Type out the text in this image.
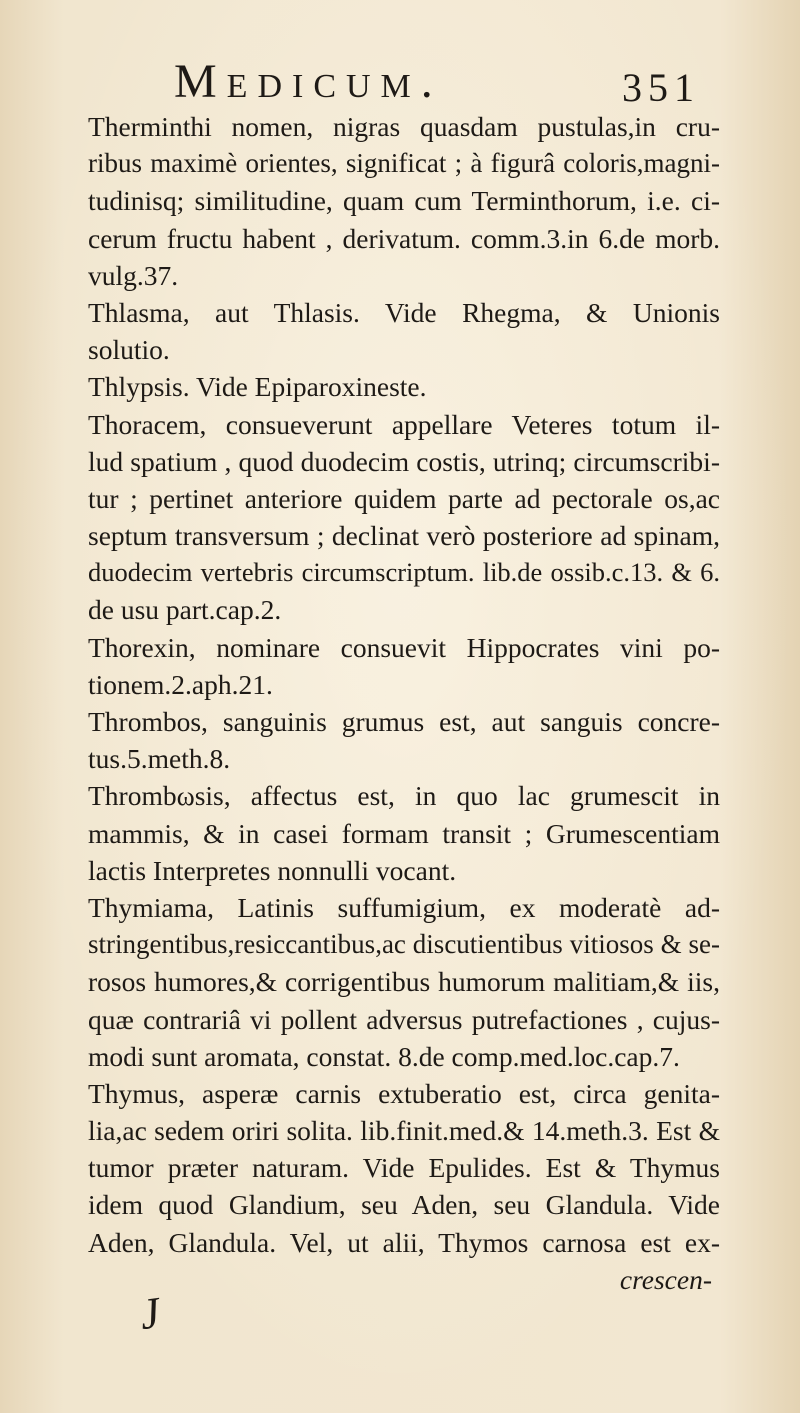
Medicum.	351
Therminthi nomen, nigras quasdam pustulas,in cru-
ribus maximè orientes, significat ; à figurâ coloris,magni-
tudinisq; similitudine, quam cum Terminthorum, i.e. ci-
cerum fructu habent , derivatum. comm.3.in 6.de morb.
vulg.37.
Thlasma, aut Thlasis. Vide Rhegma, & Unionis
solutio.
Thlypsis. Vide Epiparoxineste.
Thoracem, consueverunt appellare Veteres totum il-
lud spatium , quod duodecim costis, utrinq; circumscribi-
tur ; pertinet anteriore quidem parte ad pectorale os,ac
septum transversum ; declinat verò posteriore ad spinam,
duodecim vertebris circumscriptum. lib.de ossib.c.13. & 6.
de usu part.cap.2.
Thorexin, nominare consuevit Hippocrates vini po-
tionem.2.aph.21.
Thrombos, sanguinis grumus est, aut sanguis concre-
tus.5.meth.8.
Thrombωsis, affectus est, in quo lac grumescit in
mammis, & in casei formam transit ; Grumescentiam
lactis Interpretes nonnulli vocant.
Thymiama, Latinis suffumigium, ex moderatè ad-
stringentibus,resiccantibus,ac discutientibus vitiosos & se-
rosos humores,& corrigentibus humorum malitiam,& iis,
quæ contrariâ vi pollent adversus putrefactiones , cujus-
modi sunt aromata, constat. 8.de comp.med.loc.cap.7.
Thymus, asperæ carnis extuberatio est, circa genita-
lia,ac sedem oriri solita. lib.finit.med.& 14.meth.3. Est &
tumor præter naturam. Vide Epulides. Est & Thymus
idem quod Glandium, seu Aden, seu Glandula. Vide
Aden, Glandula. Vel, ut alii, Thymos carnosa est ex-
crescen-
J
